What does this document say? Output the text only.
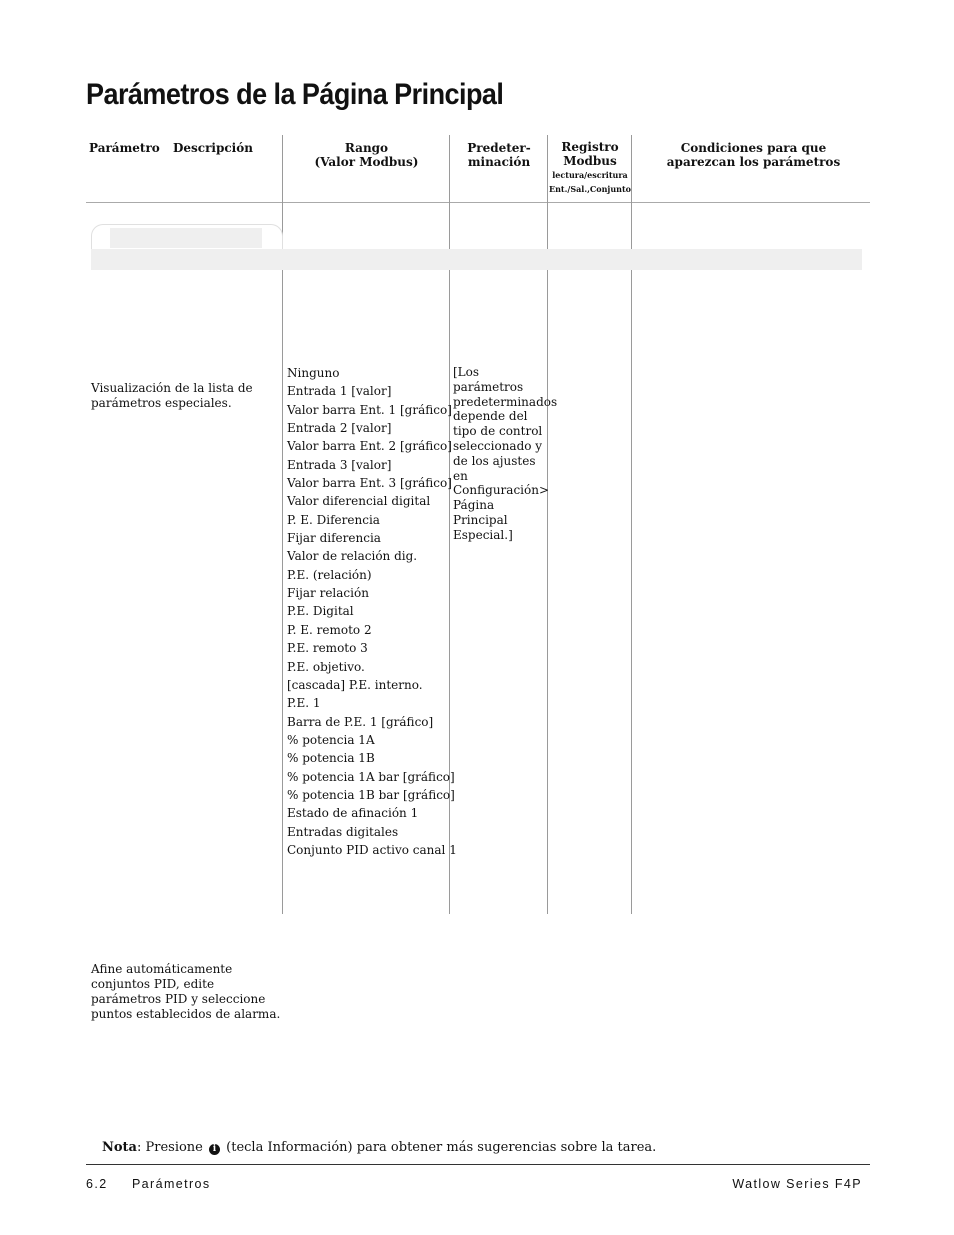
Parámetros de la Página Principal
Parámetro Descripción	Rango
(Valor Modbus)
Predeter-
minación
Registro
Modbus
lectura/escritura
Ent./Sal.,Conjunto
Condiciones para que
aparezcan los parámetros
Visualización de la lista de parámetros especiales.
Ninguno
Entrada 1 [valor]
Valor barra Ent. 1 [gráfico]
Entrada 2 [valor]
Valor barra Ent. 2 [gráfico]
Entrada 3 [valor]
Valor barra Ent. 3 [gráfico]
Valor diferencial digital
P. E. Diferencia
Fijar diferencia
Valor de relación dig.
P.E. (relación)
Fijar relación
P.E. Digital
P. E. remoto 2
P.E. remoto 3
P.E. objetivo.
[cascada] P.E. interno.
P.E. 1
Barra de P.E. 1 [gráfico]
% potencia 1A
% potencia 1B
% potencia 1A bar [gráfico]
% potencia 1B bar [gráfico]
Estado de afinación 1
Entradas digitales
Conjunto PID activo canal 1
[Los parámetros predeterminados depende del tipo de control seleccionado y de los ajustes en Configuración> Página Principal Especial.]
Afine automáticamente conjuntos PID, edite parámetros PID y seleccione puntos establecidos de alarma.
Nota: Presione i (tecla Información) para obtener más sugerencias sobre la tarea.
6.2     Parámetros	Watlow Series F4P
